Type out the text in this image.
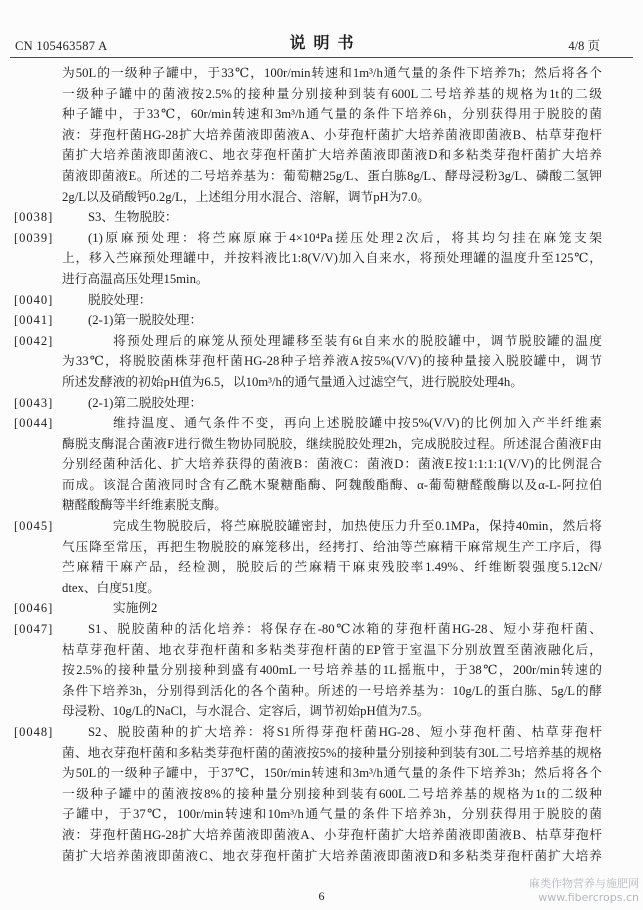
CN 105463587 A	说明书	4/8 页
为50L的一级种子罐中，于33℃，100r/min转速和1m³/h通气量的条件下培养7h；然后将各个
一级种子罐中的菌液按2.5%的接种量分别接种到装有600L二号培养基的规格为1t的二级
种子罐中，于33℃，60r/min转速和3m³/h通气量的条件下培养6h，分别获得用于脱胶的菌
液：芽孢杆菌HG-28扩大培养菌液即菌液A、小芽孢杆菌扩大培养菌液即菌液B、枯草芽孢杆
菌扩大培养菌液即菌液C、地衣芽孢杆菌扩大培养菌液即菌液D和多粘类芽孢杆菌扩大培养
菌液即菌液E。所述的二号培养基为：葡萄糖25g/L、蛋白胨8g/L、酵母浸粉3g/L、磷酸二氢钾
2g/L以及硝酸钙0.2g/L，上述组分用水混合、溶解，调节pH为7.0。
[0038]	S3、生物脱胶：
[0039]	(1)原麻预处理：将苎麻原麻于4×10⁴Pa搓压处理2次后，将其均匀挂在麻笼支架
上，移入苎麻预处理罐中，并按料液比1:8(V/V)加入自来水，将预处理罐的温度升至125℃，
进行高温高压处理15min。
[0040]	脱胶处理：
[0041]	(2-1)第一脱胶处理：
[0042]	将预处理后的麻笼从预处理罐移至装有6t自来水的脱胶罐中，调节脱胶罐的温度
为33℃，将脱胶菌株芽孢杆菌HG-28种子培养液A按5%(V/V)的接种量接入脱胶罐中，调节
所述发酵液的初始pH值为6.5，以10m³/h的通气量通入过滤空气，进行脱胶处理4h。
[0043]	(2-1)第二脱胶处理：
[0044]	维持温度、通气条件不变，再向上述脱胶罐中按5%(V/V)的比例加入产半纤维素
酶脱支酶混合菌液F进行微生物协同脱胶，继续脱胶处理2h，完成脱胶过程。所述混合菌液F由
分别经菌种活化、扩大培养获得的菌液B：菌液C：菌液D：菌液E按1:1:1:1(V/V)的比例混合
而成。该混合菌液同时含有乙酰木聚糖酯酶、阿魏酸酯酶、α-葡萄糖醛酸酶以及α-L-阿拉伯
糖醛酸酶等半纤维素脱支酶。
[0045]	完成生物脱胶后，将苎麻脱胶罐密封，加热使压力升至0.1MPa，保持40min，然后将
气压降至常压，再把生物脱胶的麻笼移出，经拷打、给油等苎麻精干麻常规生产工序后，得
苎麻精干麻产品，经检测，脱胶后的苎麻精干麻束残胶率1.49%、纤维断裂强度5.12cN/
dtex、白度51度。
[0046]	实施例2
[0047]	S1、脱胶菌种的活化培养：将保存在-80℃冰箱的芽孢杆菌HG-28、短小芽孢杆菌、
枯草芽孢杆菌、地衣芽孢杆菌和多粘类芽孢杆菌的EP管于室温下分别放置至菌液融化后，
按2.5%的接种量分别接种到盛有400mL一号培养基的1L摇瓶中，于38℃，200r/min转速的
条件下培养3h，分别得到活化的各个菌种。所述的一号培养基为：10g/L的蛋白胨、5g/L的酵
母浸粉、10g/L的NaCl，与水混合、定容后，调节初始pH值为7.5。
[0048]	S2、脱胶菌种的扩大培养：将S1所得芽孢杆菌HG-28、短小芽孢杆菌、枯草芽孢杆
菌、地衣芽孢杆菌和多粘类芽孢杆菌的菌液按5%的接种量分别接种到装有30L二号培养基的规格
为50L的一级种子罐中，于37℃，150r/min转速和3m³/h通气量的条件下培养3h；然后将各个
一级种子罐中的菌液按8%的接种量分别接种到装有600L二号培养基的规格为1t的二级种
子罐中，于37℃，100r/min转速和10m³/h通气量的条件下培养3h，分别获得用于脱胶的菌
液：芽孢杆菌HG-28扩大培养菌液即菌液A、小芽孢杆菌扩大培养菌液即菌液B、枯草芽孢杆
菌扩大培养菌液即菌液C、地衣芽孢杆菌扩大培养菌液即菌液D和多粘类芽孢杆菌扩大培养
6
麻类作物营养与施肥网
www.fibercrops.cn
